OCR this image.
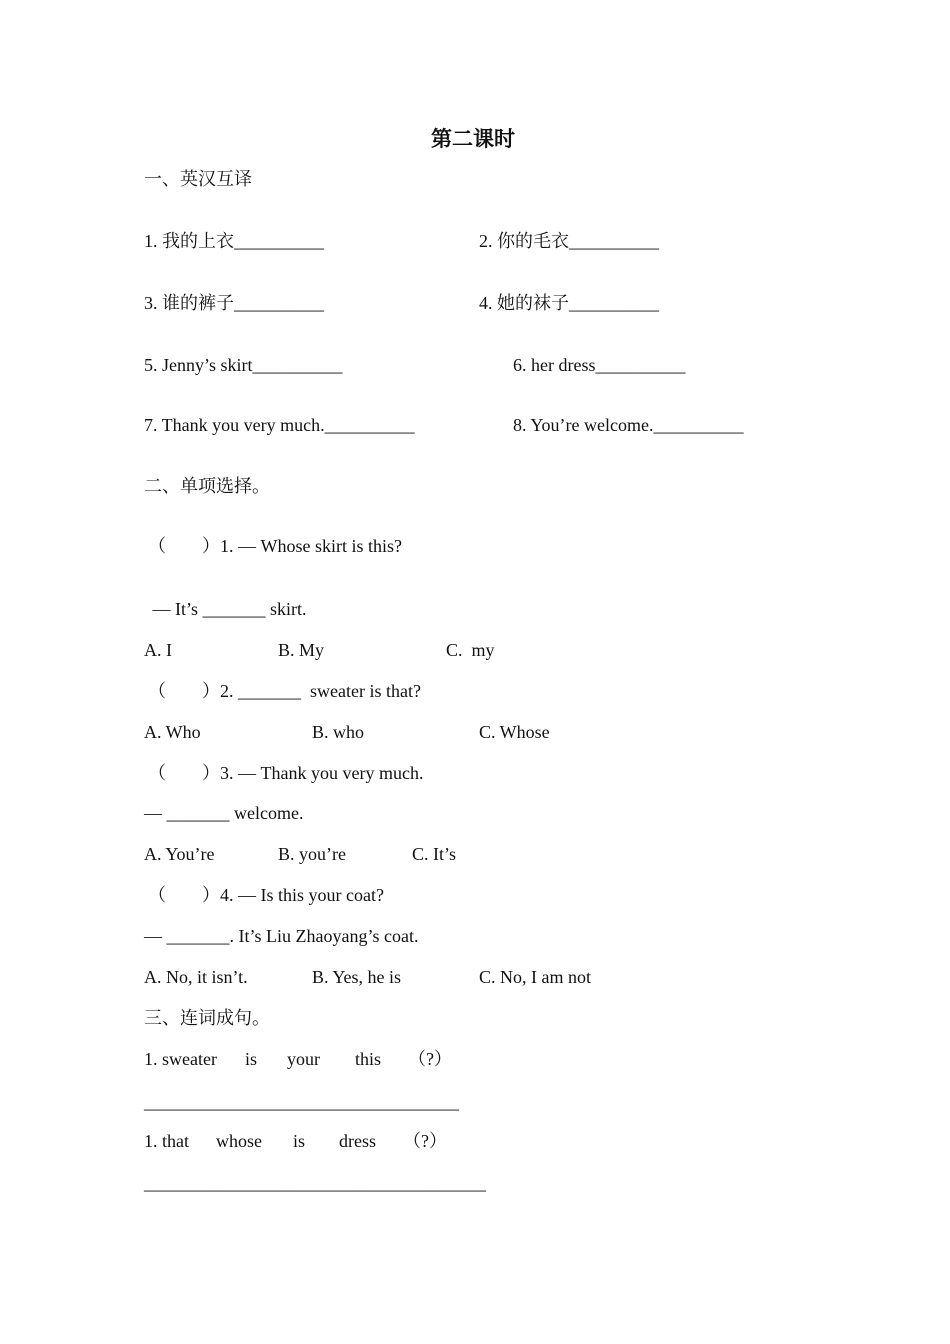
第二课时
一、英汉互译
1. 我的上衣__________	2. 你的毛衣__________
3. 谁的裤子__________	4. 她的袜子__________
5. Jenny’s skirt__________	6. her dress__________
7. Thank you very much.__________	8. You’re welcome.__________
二、单项选择。
（　　）1. — Whose skirt is this?
— It’s _______ skirt.
A. I	B. My	C.  my
（　　）2. _______  sweater is that?
A. Who	B. who	C. Whose
（　　）3. — Thank you very much.
— _______ welcome.
A. You’re	B. you’re	C. It’s
（　　）4. — Is this your coat?
— _______. It’s Liu Zhaoyang’s coat.
A. No, it isn’t.	B. Yes, he is	C. No, I am not
三、连词成句。
1. sweater is your this （?）
___________________________________
1. that whose is dress （?）
______________________________________
